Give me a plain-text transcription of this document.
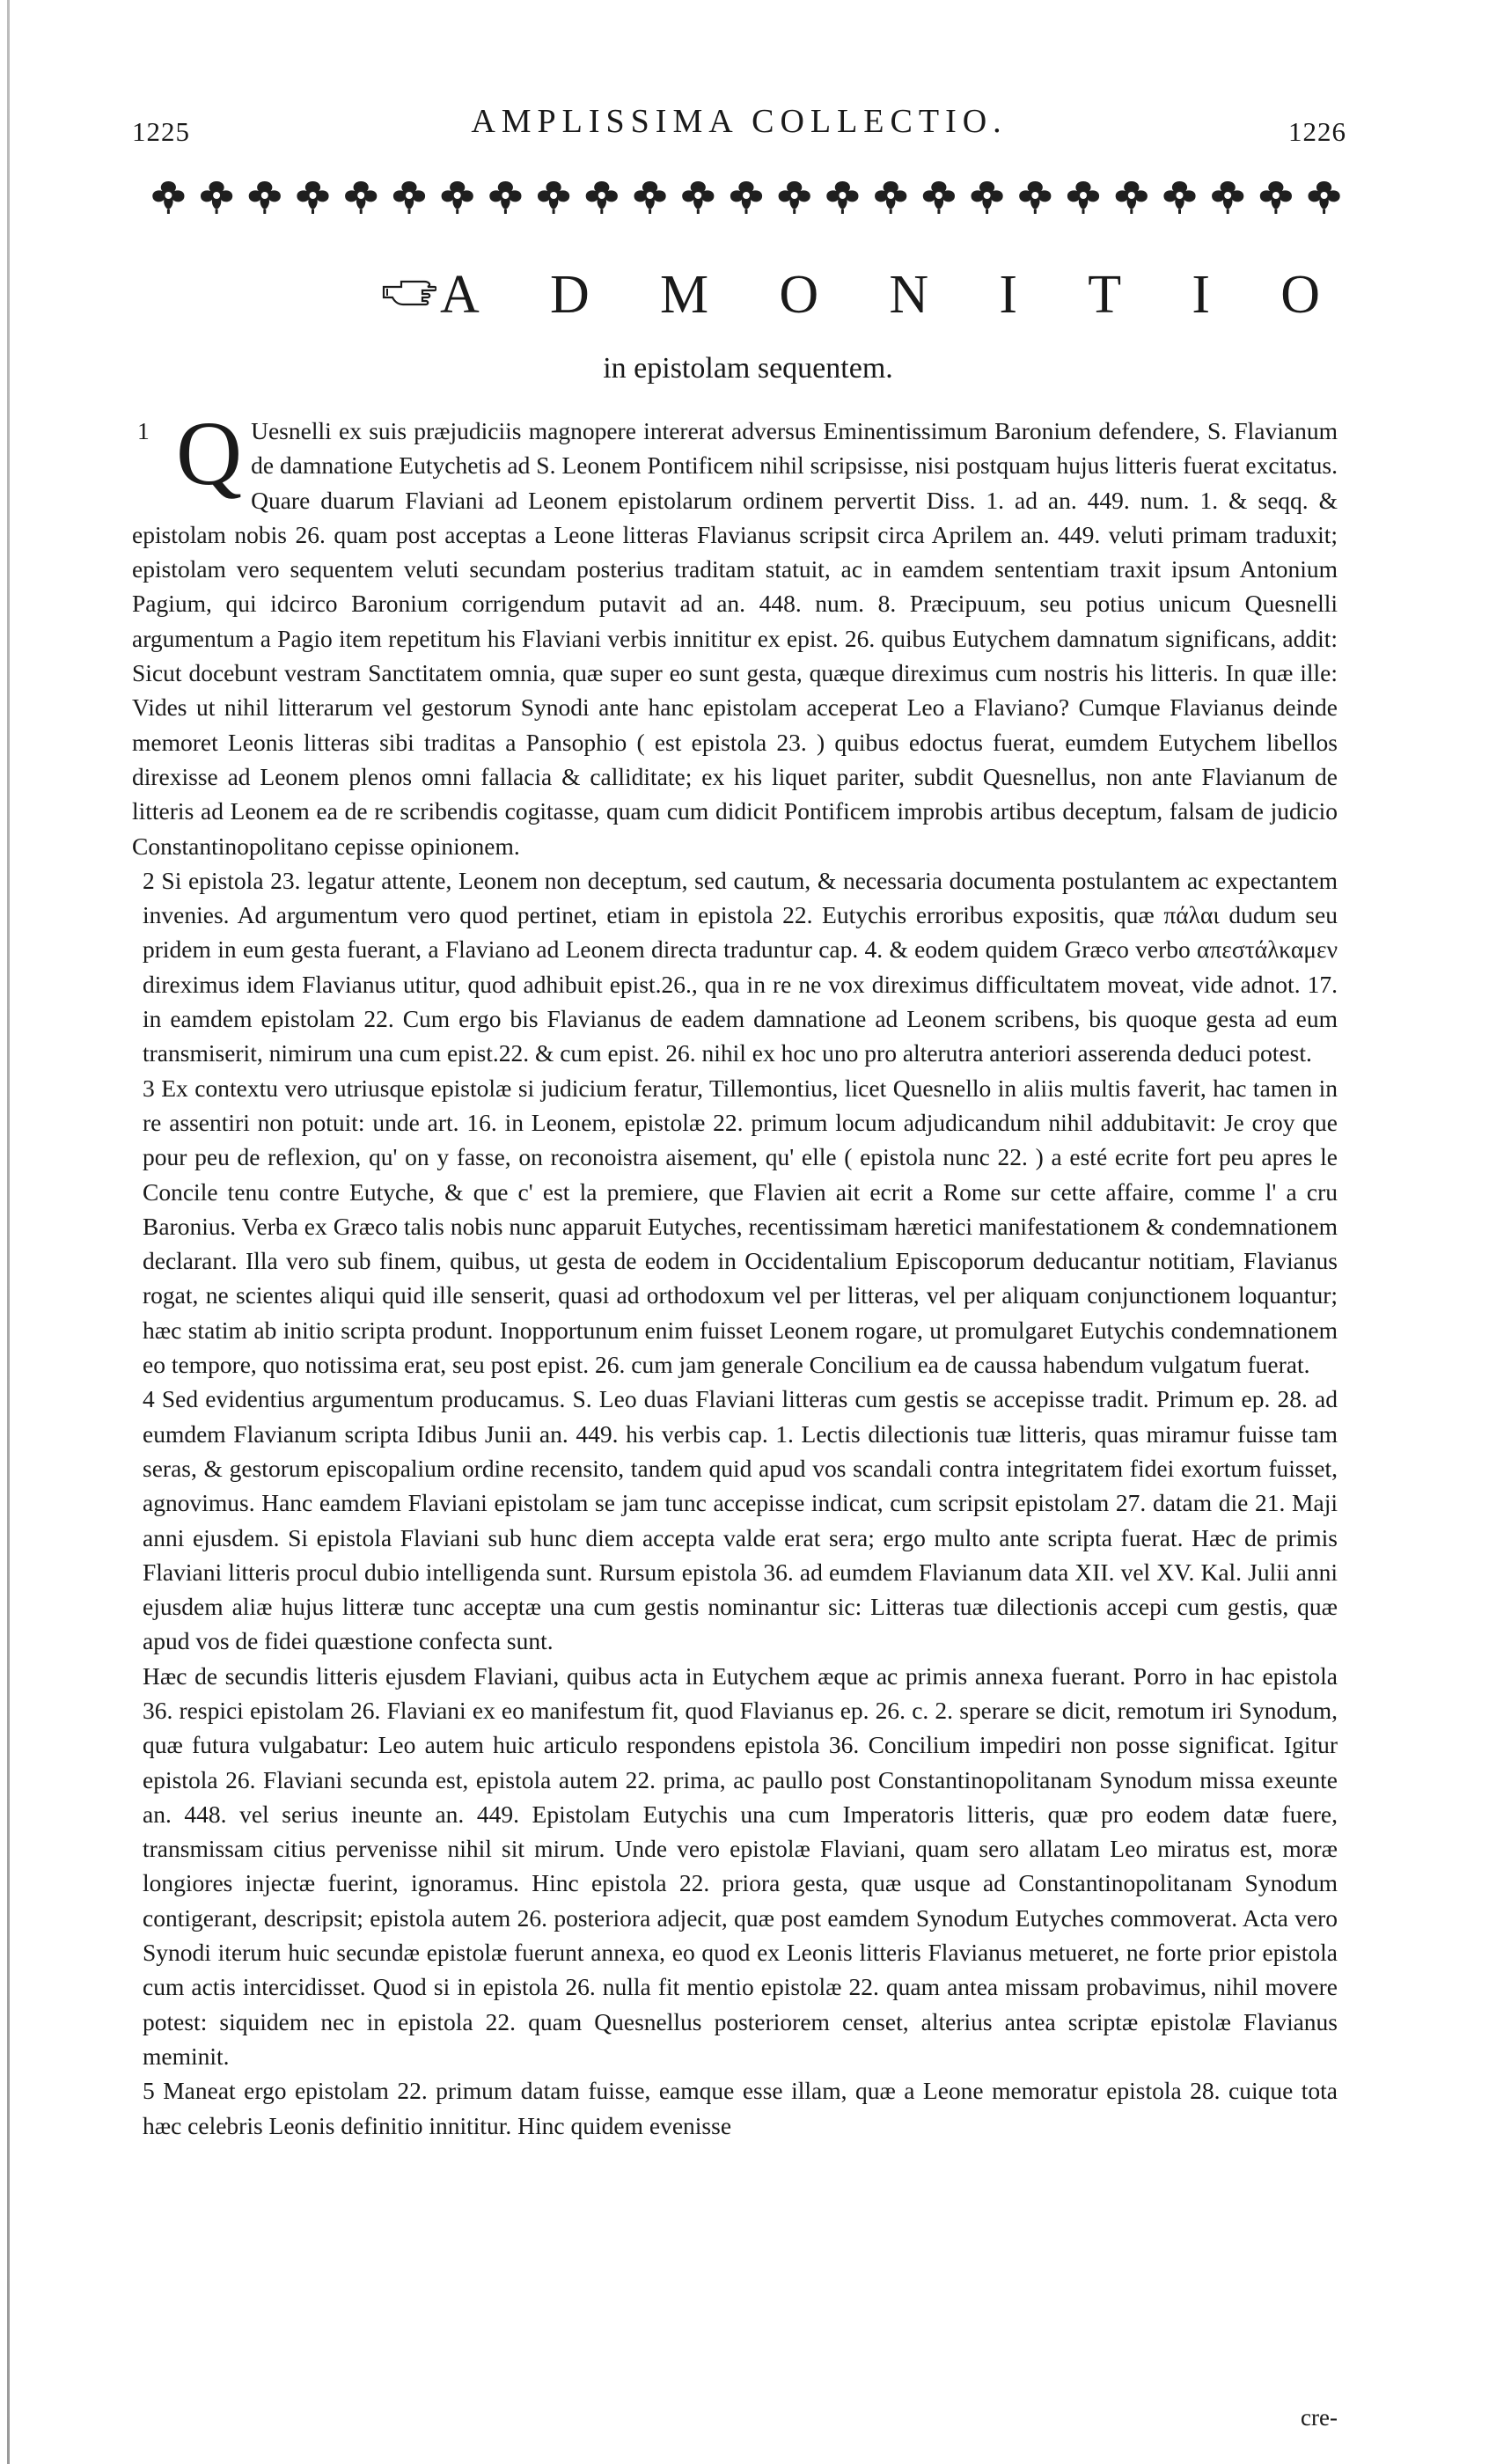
1225	AMPLISSIMA COLLECTIO.	1226
A D M O N I T I O
in epistolam sequentem.

1 Q Uesnelli ex suis præjudiciis magnopere intererat adversus Eminentissimum Baronium defendere, S. Flavianum de damnatione Eutychetis ad S. Leonem Pontificem nihil scripsisse, nisi postquam hujus litteris fuerat excitatus. Quare duarum Flaviani ad Leonem epistolarum ordinem pervertit Diss. 1. ad an. 449. num. 1. & seqq. & epistolam nobis 26. quam post acceptas a Leone litteras Flavianus scripsit circa Aprilem an. 449. veluti primam traduxit; epistolam vero sequentem veluti secundam posterius traditam statuit, ac in eamdem sententiam traxit ipsum Antonium Pagium, qui idcirco Baronium corrigendum putavit ad an. 448. num. 8. Præcipuum, seu potius unicum Quesnelli argumentum a Pagio item repetitum his Flaviani verbis innititur ex epist. 26. quibus Eutychem damnatum significans, addit: Sicut docebunt vestram Sanctitatem omnia, quæ super eo sunt gesta, quæque direximus cum nostris his litteris. In quæ ille: Vides ut nihil litterarum vel gestorum Synodi ante hanc epistolam acceperat Leo a Flaviano? Cumque Flavianus deinde memoret Leonis litteras sibi traditas a Pansophio ( est epistola 23. ) quibus edoctus fuerat, eumdem Eutychem libellos direxisse ad Leonem plenos omni fallacia & calliditate; ex his liquet pariter, subdit Quesnellus, non ante Flavianum de litteris ad Leonem ea de re scribendis cogitasse, quam cum didicit Pontificem improbis artibus deceptum, falsam de judicio Constantinopolitano cepisse opinionem.

2 Si epistola 23. legatur attente, Leonem non deceptum, sed cautum, & necessaria documenta postulantem ac expectantem invenies. Ad argumentum vero quod pertinet, etiam in epistola 22. Eutychis erroribus expositis, quæ πάλαι dudum seu pridem in eum gesta fuerant, a Flaviano ad Leonem directa traduntur cap. 4. & eodem quidem Græco verbo απεστάλκαμεν direximus idem Flavianus utitur, quod adhibuit epist.26., qua in re ne vox direximus difficultatem moveat, vide adnot. 17. in eamdem epistolam 22. Cum ergo bis Flavianus de eadem damnatione ad Leonem scribens, bis quoque gesta ad eum transmiserit, nimirum una cum epist.22. & cum epist. 26. nihil ex hoc uno pro alterutra anteriori asserenda deduci potest.

3 Ex contextu vero utriusque epistolæ si judicium feratur, Tillemontius, licet Quesnello in aliis multis faverit, hac tamen in re assentiri non potuit: unde art. 16. in Leonem, epistolæ 22. primum locum adjudicandum nihil addubitavit: Je croy que pour peu de reflexion, qu' on y fasse, on reconoistra aisement, qu' elle ( epistola nunc 22. ) a esté ecrite fort peu apres le Concile tenu contre Eutyche, & que c' est la premiere, que Flavien ait ecrit a Rome sur cette affaire, comme l' a cru Baronius. Verba ex Græco talis nobis nunc apparuit Eutyches, recentissimam hæretici manifestationem & condemnationem declarant. Illa vero sub finem, quibus, ut gesta de eodem in Occidentalium Episcoporum deducantur notitiam, Flavianus rogat, ne scientes aliqui quid ille senserit, quasi ad orthodoxum vel per litteras, vel per aliquam conjunctionem loquantur; hæc statim ab initio scripta produnt. Inopportunum enim fuisset Leonem rogare, ut promulgaret Eutychis condemnationem eo tempore, quo notissima erat, seu post epist. 26. cum jam generale Concilium ea de caussa habendum vulgatum fuerat.

4 Sed evidentius argumentum producamus. S. Leo duas Flaviani litteras cum gestis se accepisse tradit. Primum ep. 28. ad eumdem Flavianum scripta Idibus Junii an. 449. his verbis cap. 1. Lectis dilectionis tuæ litteris, quas miramur fuisse tam seras, & gestorum episcopalium ordine recensito, tandem quid apud vos scandali contra integritatem fidei exortum fuisset, agnovimus. Hanc eamdem Flaviani epistolam se jam tunc accepisse indicat, cum scripsit epistolam 27. datam die 21. Maji anni ejusdem. Si epistola Flaviani sub hunc diem accepta valde erat sera; ergo multo ante scripta fuerat. Hæc de primis Flaviani litteris procul dubio intelligenda sunt. Rursum epistola 36. ad eumdem Flavianum data XII. vel XV. Kal. Julii anni ejusdem aliæ hujus litteræ tunc acceptæ una cum gestis nominantur sic: Litteras tuæ dilectionis accepi cum gestis, quæ apud vos de fidei quæstione confecta sunt.

Hæc de secundis litteris ejusdem Flaviani, quibus acta in Eutychem æque ac primis annexa fuerant. Porro in hac epistola 36. respici epistolam 26. Flaviani ex eo manifestum fit, quod Flavianus ep. 26. c. 2. sperare se dicit, remotum iri Synodum, quæ futura vulgabatur: Leo autem huic articulo respondens epistola 36. Concilium impediri non posse significat. Igitur epistola 26. Flaviani secunda est, epistola autem 22. prima, ac paullo post Constantinopolitanam Synodum missa exeunte an. 448. vel serius ineunte an. 449. Epistolam Eutychis una cum Imperatoris litteris, quæ pro eodem datæ fuere, transmissam citius pervenisse nihil sit mirum. Unde vero epistolæ Flaviani, quam sero allatam Leo miratus est, moræ longiores injectæ fuerint, ignoramus. Hinc epistola 22. priora gesta, quæ usque ad Constantinopolitanam Synodum contigerant, descripsit; epistola autem 26. posteriora adjecit, quæ post eamdem Synodum Eutyches commoverat. Acta vero Synodi iterum huic secundæ epistolæ fuerunt annexa, eo quod ex Leonis litteris Flavianus metueret, ne forte prior epistola cum actis intercidisset. Quod si in epistola 26. nulla fit mentio epistolæ 22. quam antea missam probavimus, nihil movere potest: siquidem nec in epistola 22. quam Quesnellus posteriorem censet, alterius antea scriptæ epistolæ Flavianus meminit.

5 Maneat ergo epistolam 22. primum datam fuisse, eamque esse illam, quæ a Leone memoratur epistola 28. cuique tota hæc celebris Leonis definitio innititur. Hinc quidem evenisse

cre-
